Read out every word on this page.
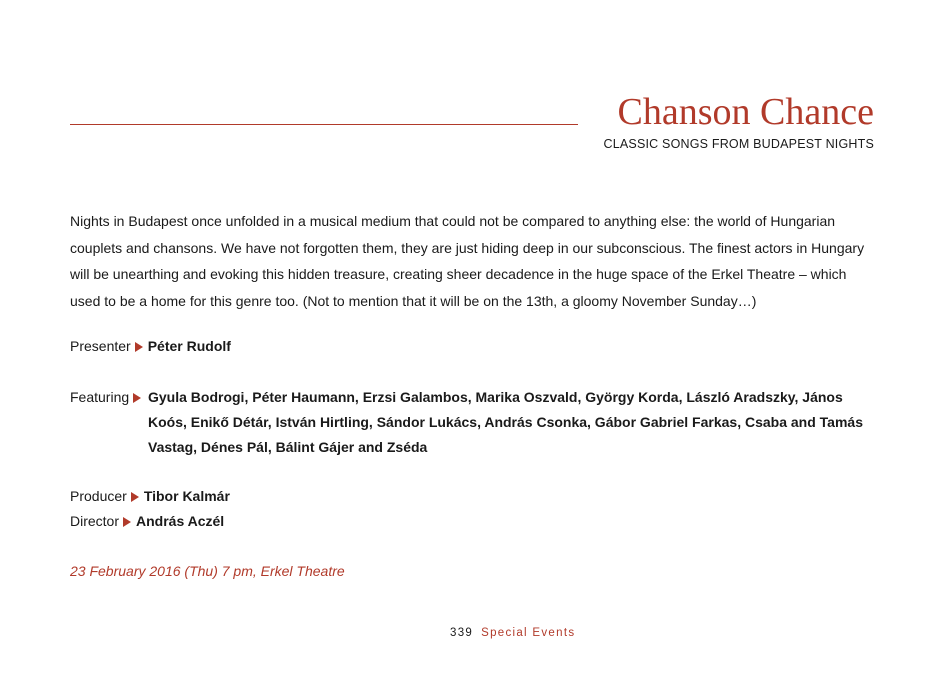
Chanson Chance
CLASSIC SONGS FROM BUDAPEST NIGHTS
Nights in Budapest once unfolded in a musical medium that could not be compared to anything else: the world of Hungarian couplets and chansons. We have not forgotten them, they are just hiding deep in our subconscious. The finest actors in Hungary will be unearthing and evoking this hidden treasure, creating sheer decadence in the huge space of the Erkel Theatre – which used to be a home for this genre too. (Not to mention that it will be on the 13th, a gloomy November Sunday…)
Presenter Péter Rudolf
Featuring	Gyula Bodrogi, Péter Haumann, Erzsi Galambos, Marika Oszvald, György Korda, László Aradszky, János Koós, Enikő Détár, István Hirtling, Sándor Lukács, András Csonka, Gábor Gabriel Farkas, Csaba and Tamás Vastag, Dénes Pál, Bálint Gájer and Zséda
Producer Tibor Kalmár
Director András Aczél
23 February 2016 (Thu) 7 pm, Erkel Theatre
339 Special Events
